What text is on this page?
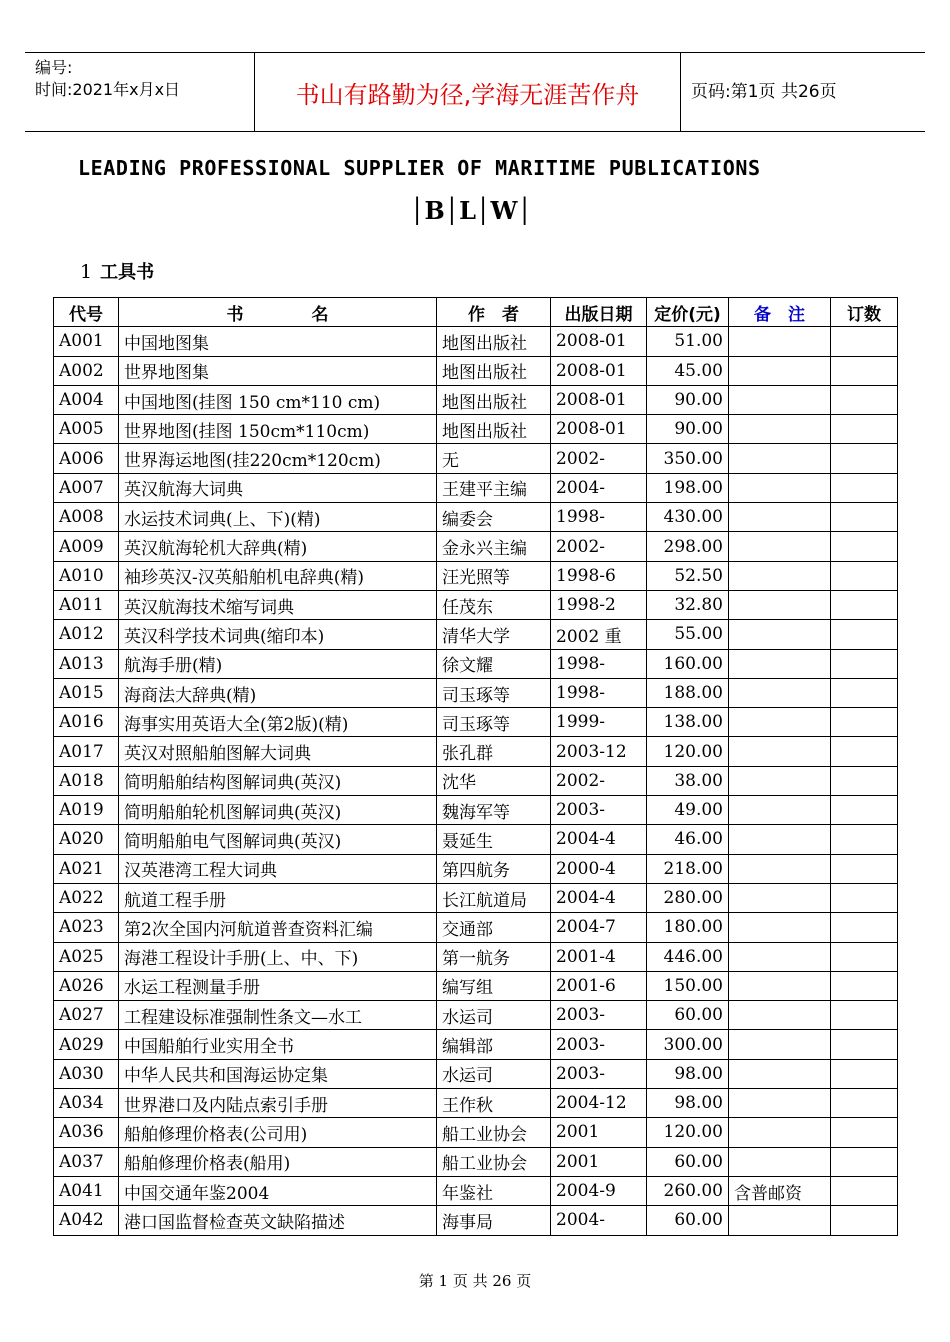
编号:
时间:2021年x月x日	书山有路勤为径,学海无涯苦作舟	页码:第1页 共26页
LEADING PROFESSIONAL SUPPLIER OF MARITIME PUBLICATIONS
│B│L│W│
1 工具书
代号	书　　　　名	作　者	出版日期	定价(元)	备　注	订数
A001	中国地图集	地图出版社	2008-01	51.00		
A002	世界地图集	地图出版社	2008-01	45.00		
A004	中国地图(挂图 150 cm*110 cm)	地图出版社	2008-01	90.00		
A005	世界地图(挂图 150cm*110cm)	地图出版社	2008-01	90.00		
A006	世界海运地图(挂220cm*120cm)	无	2002-	350.00		
A007	英汉航海大词典	王建平主编	2004-	198.00		
A008	水运技术词典(上、下)(精)	编委会	1998-	430.00		
A009	英汉航海轮机大辞典(精)	金永兴主编	2002-	298.00		
A010	袖珍英汉-汉英船舶机电辞典(精)	汪光照等	1998-6	52.50		
A011	英汉航海技术缩写词典	任茂东	1998-2	32.80		
A012	英汉科学技术词典(缩印本)	清华大学	2002 重	55.00		
A013	航海手册(精)	徐文耀	1998-	160.00		
A015	海商法大辞典(精)	司玉琢等	1998-	188.00		
A016	海事实用英语大全(第2版)(精)	司玉琢等	1999-	138.00		
A017	英汉对照船舶图解大词典	张孔群	2003-12	120.00		
A018	简明船舶结构图解词典(英汉)	沈华	2002-	38.00		
A019	简明船舶轮机图解词典(英汉)	魏海军等	2003-	49.00		
A020	简明船舶电气图解词典(英汉)	聂延生	2004-4	46.00		
A021	汉英港湾工程大词典	第四航务	2000-4	218.00		
A022	航道工程手册	长江航道局	2004-4	280.00		
A023	第2次全国内河航道普查资料汇编	交通部	2004-7	180.00		
A025	海港工程设计手册(上、中、下)	第一航务	2001-4	446.00		
A026	水运工程测量手册	编写组	2001-6	150.00		
A027	工程建设标准强制性条文—水工	水运司	2003-	60.00		
A029	中国船舶行业实用全书	编辑部	2003-	300.00		
A030	中华人民共和国海运协定集	水运司	2003-	98.00		
A034	世界港口及内陆点索引手册	王作秋	2004-12	98.00		
A036	船舶修理价格表(公司用)	船工业协会	2001	120.00		
A037	船舶修理价格表(船用)	船工业协会	2001	60.00		
A041	中国交通年鉴2004	年鉴社	2004-9	260.00	含普邮资	
A042	港口国监督检查英文缺陷描述	海事局	2004-	60.00		
第 1 页 共 26 页
